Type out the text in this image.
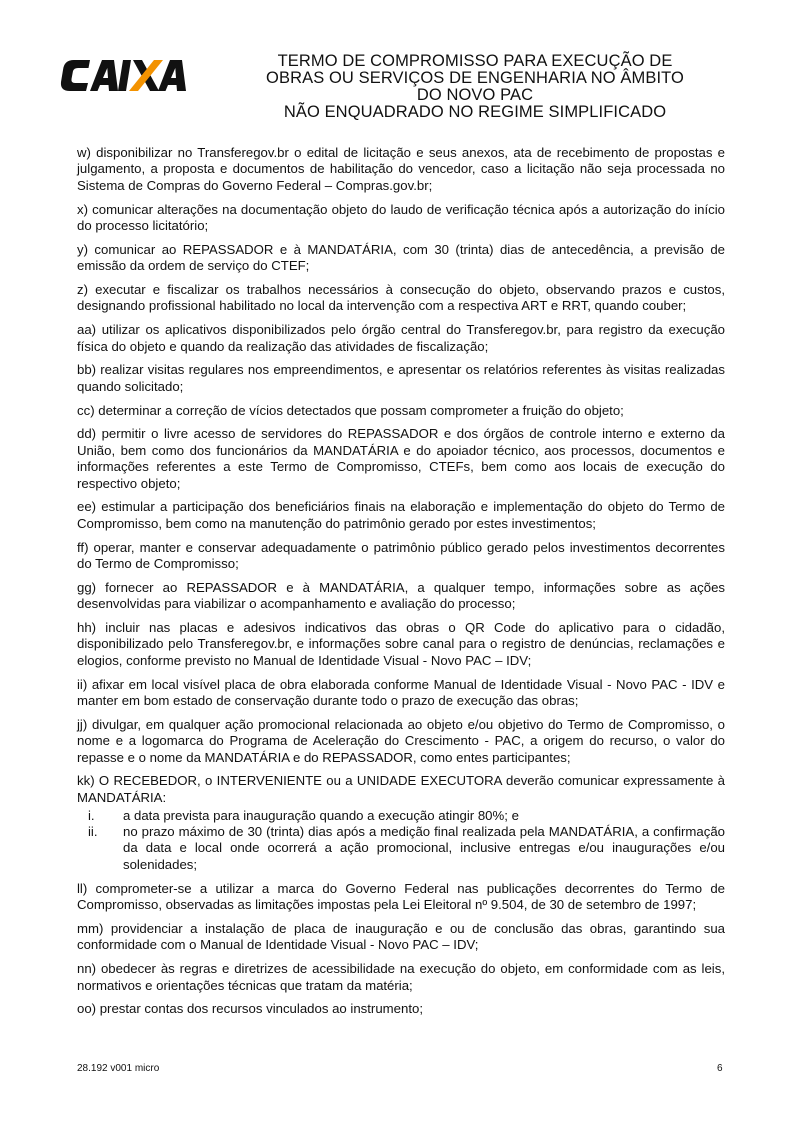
TERMO DE COMPROMISSO PARA EXECUÇÃO DE
OBRAS OU SERVIÇOS DE ENGENHARIA NO ÂMBITO
DO NOVO PAC
NÃO ENQUADRADO NO REGIME SIMPLIFICADO

w) disponibilizar no Transferegov.br o edital de licitação e seus anexos, ata de recebimento de propostas e julgamento, a proposta e documentos de habilitação do vencedor, caso a licitação não seja processada no Sistema de Compras do Governo Federal – Compras.gov.br;

x) comunicar alterações na documentação objeto do laudo de verificação técnica após a autorização do início do processo licitatório;

y) comunicar ao REPASSADOR e à MANDATÁRIA, com 30 (trinta) dias de antecedência, a previsão de emissão da ordem de serviço do CTEF;

z) executar e fiscalizar os trabalhos necessários à consecução do objeto, observando prazos e custos, designando profissional habilitado no local da intervenção com a respectiva ART e RRT, quando couber;

aa) utilizar os aplicativos disponibilizados pelo órgão central do Transferegov.br, para registro da execução física do objeto e quando da realização das atividades de fiscalização;

bb) realizar visitas regulares nos empreendimentos, e apresentar os relatórios referentes às visitas realizadas quando solicitado;

cc) determinar a correção de vícios detectados que possam comprometer a fruição do objeto;

dd) permitir o livre acesso de servidores do REPASSADOR e dos órgãos de controle interno e externo da União, bem como dos funcionários da MANDATÁRIA e do apoiador técnico, aos processos, documentos e informações referentes a este Termo de Compromisso, CTEFs, bem como aos locais de execução do respectivo objeto;

ee) estimular a participação dos beneficiários finais na elaboração e implementação do objeto do Termo de Compromisso, bem como na manutenção do patrimônio gerado por estes investimentos;

ff) operar, manter e conservar adequadamente o patrimônio público gerado pelos investimentos decorrentes do Termo de Compromisso;

gg) fornecer ao REPASSADOR e à MANDATÁRIA, a qualquer tempo, informações sobre as ações desenvolvidas para viabilizar o acompanhamento e avaliação do processo;

hh) incluir nas placas e adesivos indicativos das obras o QR Code do aplicativo para o cidadão, disponibilizado pelo Transferegov.br, e informações sobre canal para o registro de denúncias, reclamações e elogios, conforme previsto no Manual de Identidade Visual - Novo PAC – IDV;

ii) afixar em local visível placa de obra elaborada conforme Manual de Identidade Visual - Novo PAC - IDV e manter em bom estado de conservação durante todo o prazo de execução das obras;

jj) divulgar, em qualquer ação promocional relacionada ao objeto e/ou objetivo do Termo de Compromisso, o nome e a logomarca do Programa de Aceleração do Crescimento - PAC, a origem do recurso, o valor do repasse e o nome da MANDATÁRIA e do REPASSADOR, como entes participantes;

kk) O RECEBEDOR, o INTERVENIENTE ou a UNIDADE EXECUTORA deverão comunicar expressamente à MANDATÁRIA:

i.	a data prevista para inauguração quando a execução atingir 80%; e
ii.	no prazo máximo de 30 (trinta) dias após a medição final realizada pela MANDATÁRIA, a confirmação da data e local onde ocorrerá a ação promocional, inclusive entregas e/ou inaugurações e/ou solenidades;

ll) comprometer-se a utilizar a marca do Governo Federal nas publicações decorrentes do Termo de Compromisso, observadas as limitações impostas pela Lei Eleitoral nº 9.504, de 30 de setembro de 1997;

mm) providenciar a instalação de placa de inauguração e ou de conclusão das obras, garantindo sua conformidade com o Manual de Identidade Visual - Novo PAC – IDV;

nn) obedecer às regras e diretrizes de acessibilidade na execução do objeto, em conformidade com as leis, normativos e orientações técnicas que tratam da matéria;

oo) prestar contas dos recursos vinculados ao instrumento;

28.192 v001 micro	6
